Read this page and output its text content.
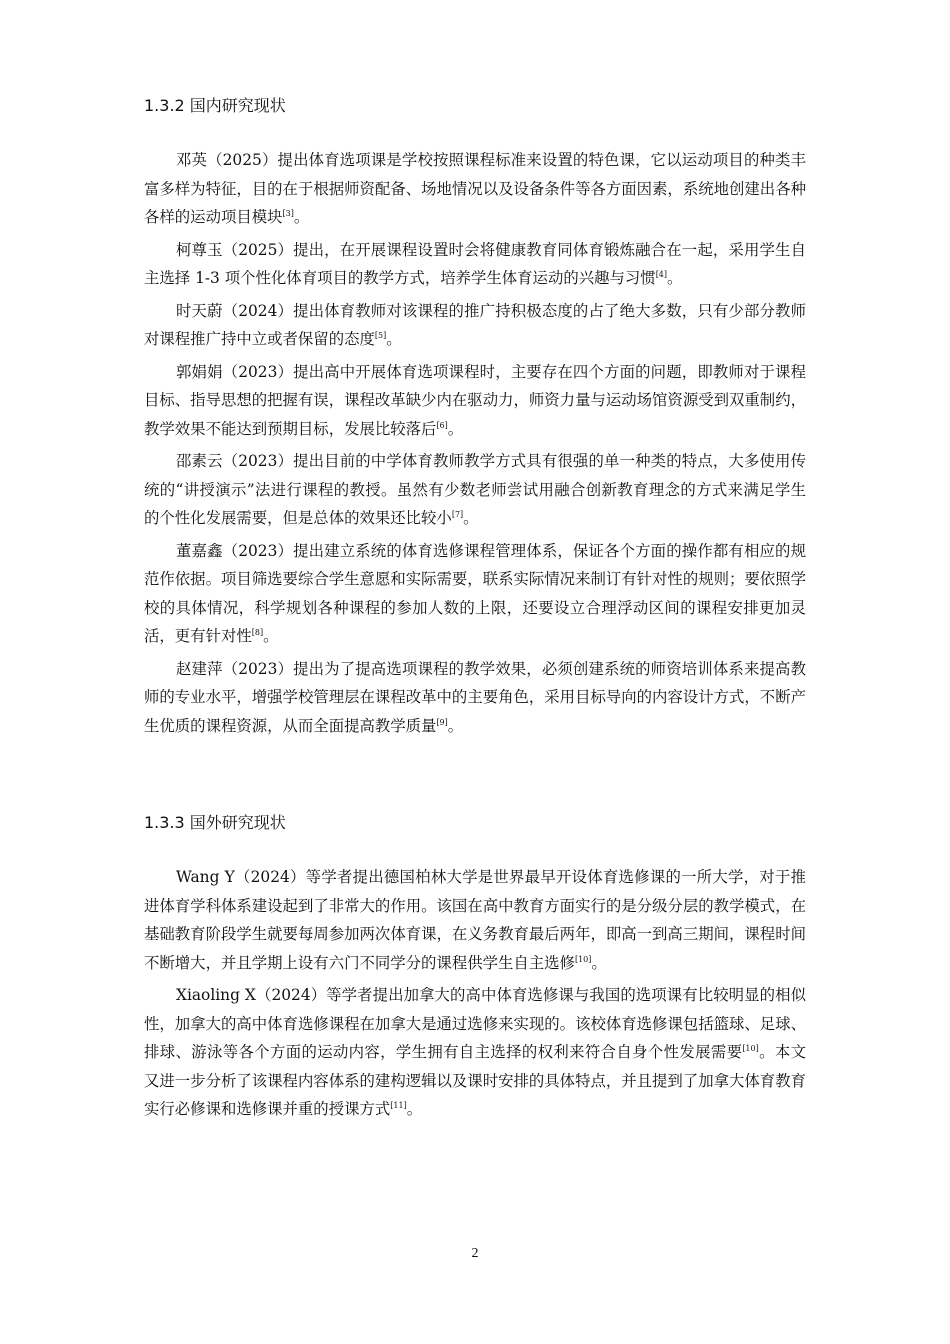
1.3.2 国内研究现状

邓英（2025）提出体育选项课是学校按照课程标准来设置的特色课，它以运动项目的种类丰富多样为特征，目的在于根据师资配备、场地情况以及设备条件等各方面因素，系统地创建出各种各样的运动项目模块[3]。

柯尊玉（2025）提出，在开展课程设置时会将健康教育同体育锻炼融合在一起，采用学生自主选择 1-3 项个性化体育项目的教学方式，培养学生体育运动的兴趣与习惯[4]。

时天蔚（2024）提出体育教师对该课程的推广持积极态度的占了绝大多数，只有少部分教师对课程推广持中立或者保留的态度[5]。

郭娟娟（2023）提出高中开展体育选项课程时，主要存在四个方面的问题，即教师对于课程目标、指导思想的把握有误，课程改革缺少内在驱动力，师资力量与运动场馆资源受到双重制约，教学效果不能达到预期目标，发展比较落后[6]。

邵素云（2023）提出目前的中学体育教师教学方式具有很强的单一种类的特点，大多使用传统的“讲授演示”法进行课程的教授。虽然有少数老师尝试用融合创新教育理念的方式来满足学生的个性化发展需要，但是总体的效果还比较小[7]。

董嘉鑫（2023）提出建立系统的体育选修课程管理体系，保证各个方面的操作都有相应的规范作依据。项目筛选要综合学生意愿和实际需要，联系实际情况来制订有针对性的规则；要依照学校的具体情况，科学规划各种课程的参加人数的上限，还要设立合理浮动区间的课程安排更加灵活，更有针对性[8]。

赵建萍（2023）提出为了提高选项课程的教学效果，必须创建系统的师资培训体系来提高教师的专业水平，增强学校管理层在课程改革中的主要角色，采用目标导向的内容设计方式，不断产生优质的课程资源，从而全面提高教学质量[9]。

1.3.3 国外研究现状

Wang Y（2024）等学者提出德国柏林大学是世界最早开设体育选修课的一所大学，对于推进体育学科体系建设起到了非常大的作用。该国在高中教育方面实行的是分级分层的教学模式，在基础教育阶段学生就要每周参加两次体育课，在义务教育最后两年，即高一到高三期间，课程时间不断增大，并且学期上设有六门不同学分的课程供学生自主选修[10]。

Xiaoling X（2024）等学者提出加拿大的高中体育选修课与我国的选项课有比较明显的相似性，加拿大的高中体育选修课程在加拿大是通过选修来实现的。该校体育选修课包括篮球、足球、排球、游泳等各个方面的运动内容，学生拥有自主选择的权利来符合自身个性发展需要[10]。本文又进一步分析了该课程内容体系的建构逻辑以及课时安排的具体特点，并且提到了加拿大体育教育实行必修课和选修课并重的授课方式[11]。

2
